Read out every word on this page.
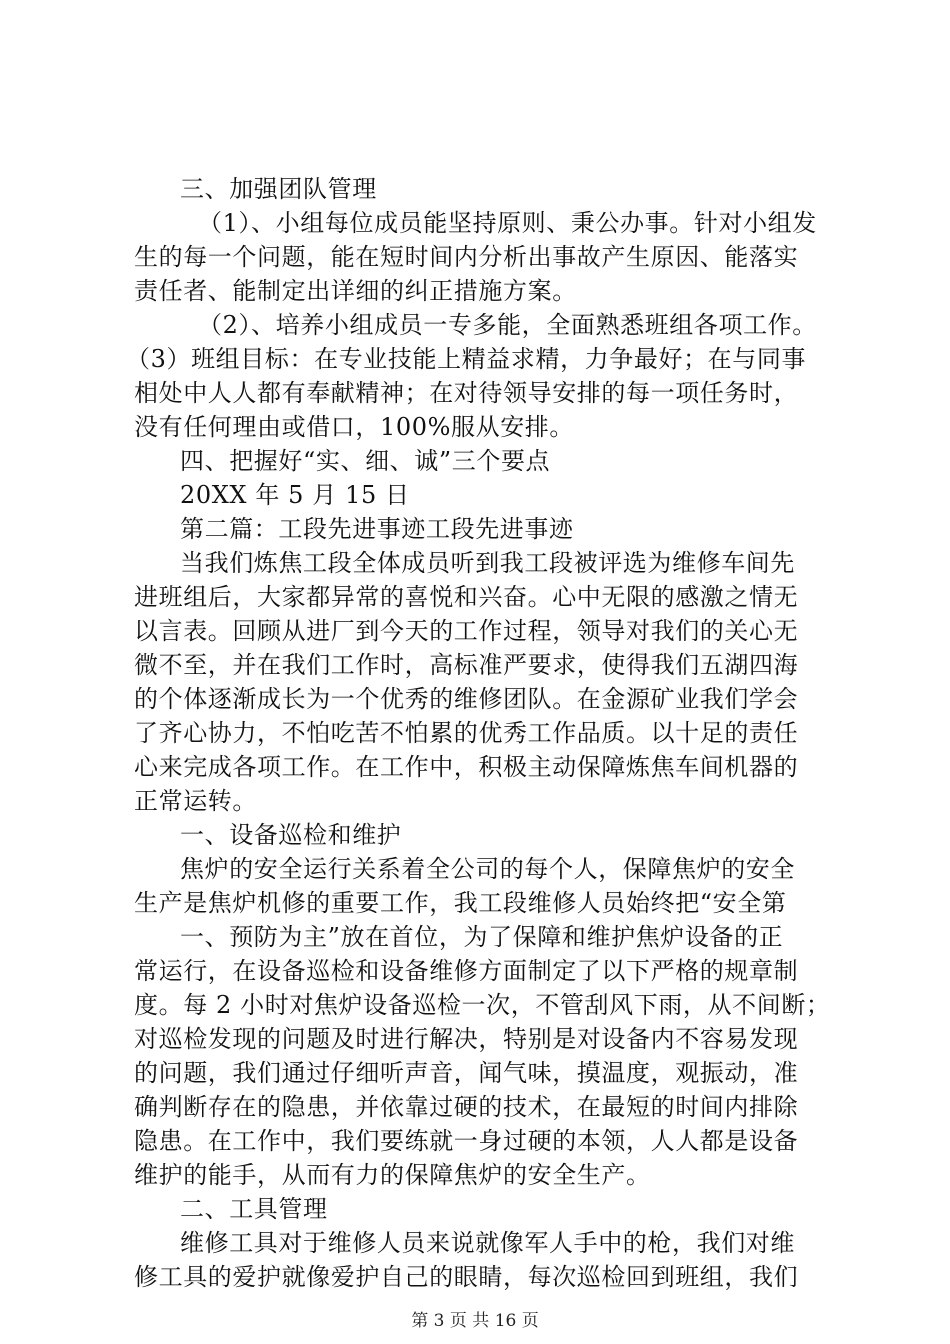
三、加强团队管理
（1）、小组每位成员能坚持原则、秉公办事。针对小组发
生的每一个问题，能在短时间内分析出事故产生原因、能落实
责任者、能制定出详细的纠正措施方案。
（2）、培养小组成员一专多能，全面熟悉班组各项工作。
（3）班组目标：在专业技能上精益求精，力争最好；在与同事
相处中人人都有奉献精神；在对待领导安排的每一项任务时，
没有任何理由或借口，100%服从安排。
四、把握好“实、细、诚”三个要点
20XX 年 5 月 15 日
第二篇：工段先进事迹工段先进事迹
当我们炼焦工段全体成员听到我工段被评选为维修车间先
进班组后，大家都异常的喜悦和兴奋。心中无限的感激之情无
以言表。回顾从进厂到今天的工作过程，领导对我们的关心无
微不至，并在我们工作时，高标准严要求，使得我们五湖四海
的个体逐渐成长为一个优秀的维修团队。在金源矿业我们学会
了齐心协力，不怕吃苦不怕累的优秀工作品质。以十足的责任
心来完成各项工作。在工作中，积极主动保障炼焦车间机器的
正常运转。
一、设备巡检和维护
焦炉的安全运行关系着全公司的每个人，保障焦炉的安全
生产是焦炉机修的重要工作，我工段维修人员始终把“安全第
一、预防为主”放在首位，为了保障和维护焦炉设备的正
常运行，在设备巡检和设备维修方面制定了以下严格的规章制
度。每 2 小时对焦炉设备巡检一次，不管刮风下雨，从不间断；
对巡检发现的问题及时进行解决，特别是对设备内不容易发现
的问题，我们通过仔细听声音，闻气味，摸温度，观振动，准
确判断存在的隐患，并依靠过硬的技术，在最短的时间内排除
隐患。在工作中，我们要练就一身过硬的本领，人人都是设备
维护的能手，从而有力的保障焦炉的安全生产。
二、工具管理
维修工具对于维修人员来说就像军人手中的枪，我们对维
修工具的爱护就像爱护自己的眼睛，每次巡检回到班组，我们
第 3 页 共 16 页
